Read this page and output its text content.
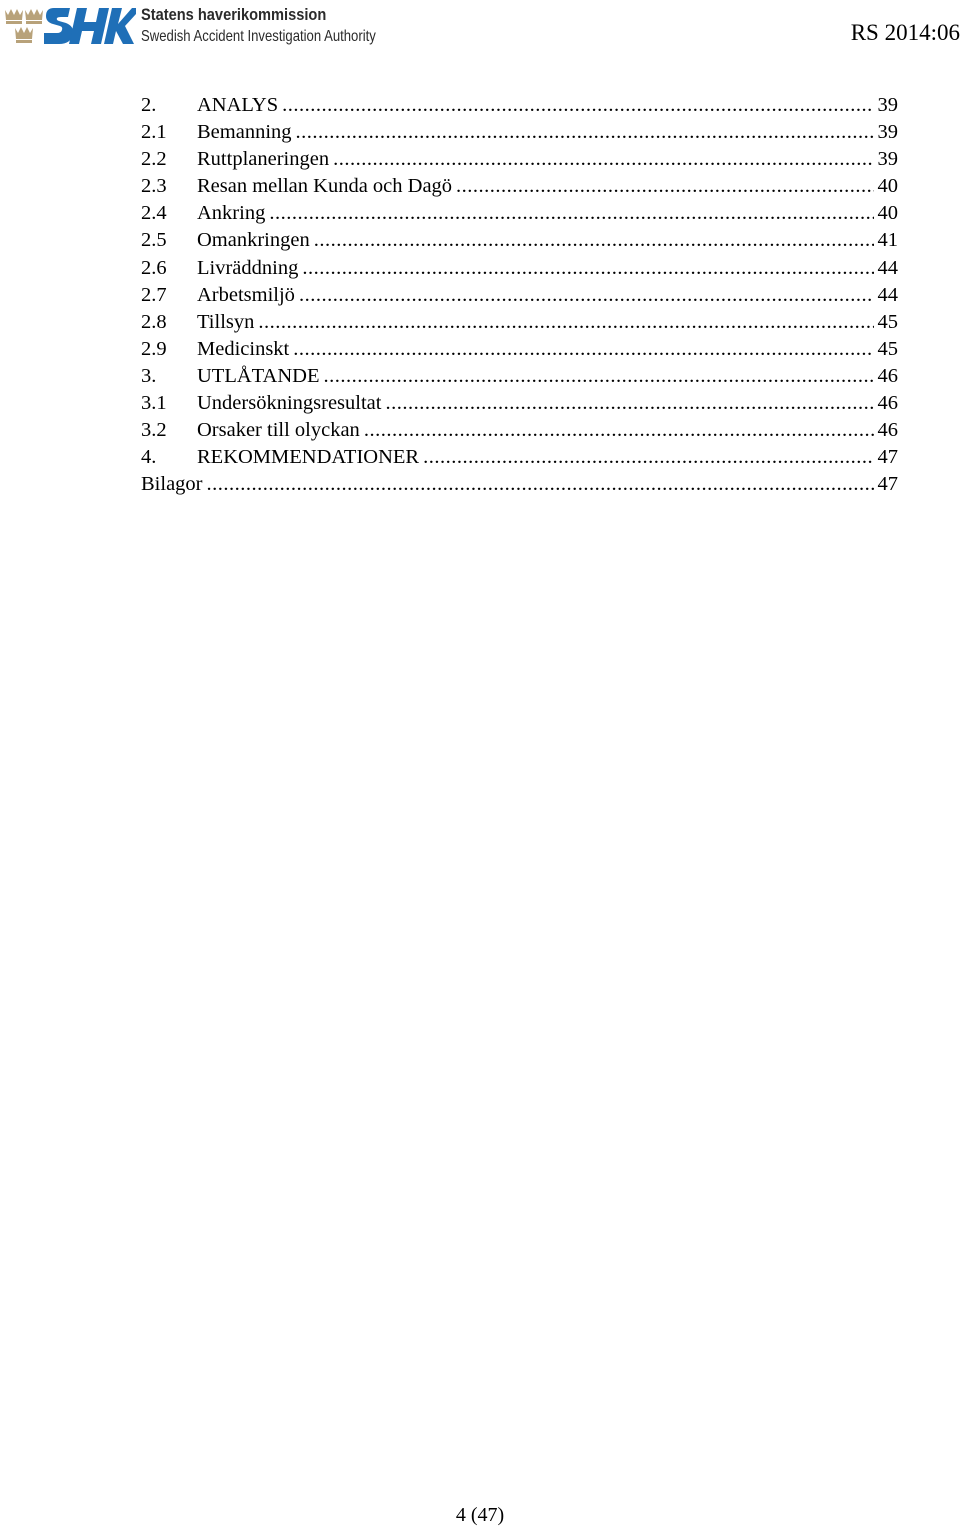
Statens haverikommission
Swedish Accident Investigation Authority	RS 2014:06
2. ANALYS .....	39
2.1 Bemanning .....	39
2.2 Ruttplaneringen .....	39
2.3 Resan mellan Kunda och Dagö .....	40
2.4 Ankring .....	40
2.5 Omankringen .....	41
2.6 Livräddning .....	44
2.7 Arbetsmiljö .....	44
2.8 Tillsyn .....	45
2.9 Medicinskt .....	45
3. UTLÅTANDE .....	46
3.1 Undersökningsresultat .....	46
3.2 Orsaker till olyckan .....	46
4. REKOMMENDATIONER .....	47
Bilagor .....	47
4 (47)
